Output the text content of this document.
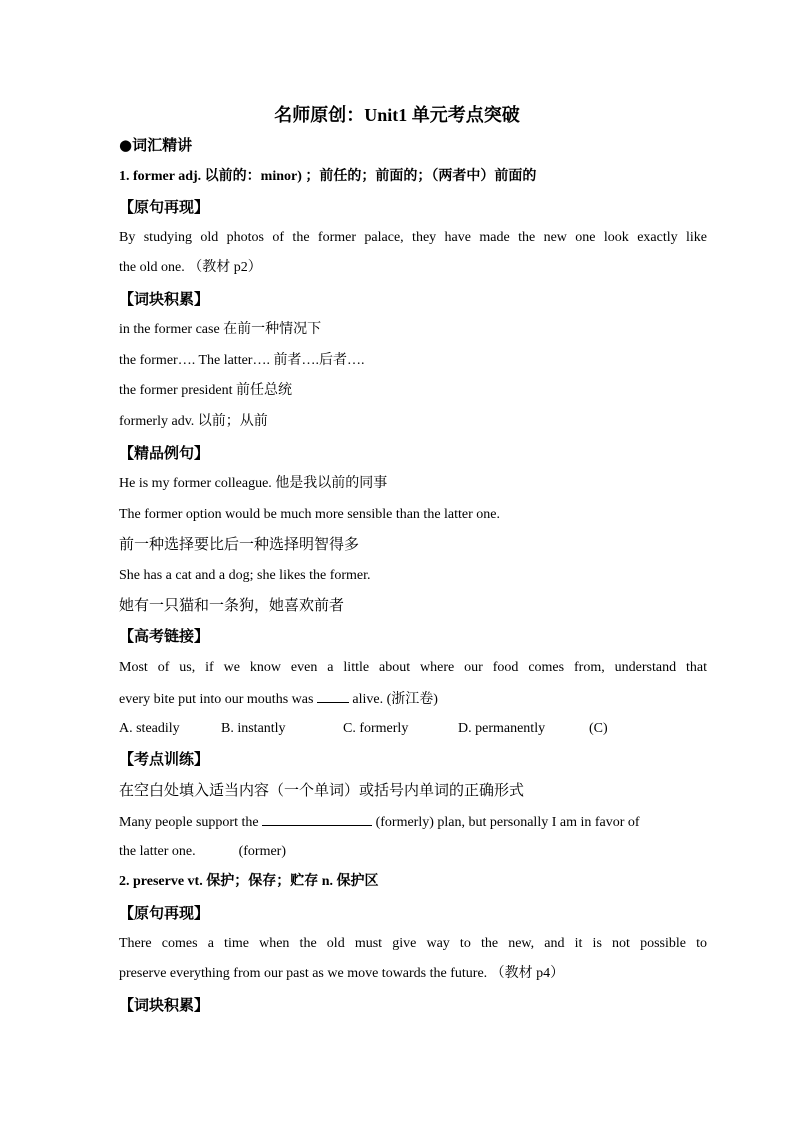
名师原创：Unit1 单元考点突破
●词汇精讲
1. former adj. 以前的：minor) ；前任的；前面的；（两者中）前面的
【原句再现】
By studying old photos of the former palace, they have made the new one look exactly like
the old one. （教材 p2）
【词块积累】
in the former case 在前一种情况下
the former…. The latter…. 前者….后者….
the former president 前任总统
formerly adv. 以前；从前
【精品例句】
He is my former colleague. 他是我以前的同事
The former option would be much more sensible than the latter one.
前一种选择要比后一种选择明智得多
She has a cat and a dog; she likes the former.
她有一只猫和一条狗，她喜欢前者
【高考链接】
Most of us, if we know even a little about where our food comes from, understand that
every bite put into our mouths was	alive. (浙江卷)
A. steadily	B. instantly	C. formerly	D. permanently	(C)
【考点训练】
在空白处填入适当内容（一个单词）或括号内单词的正确形式
Many people support the	(formerly) plan, but personally I am in favor of
the latter one.	(former)
2. preserve vt. 保护；保存；贮存 n. 保护区
【原句再现】
There comes a time when the old must give way to the new, and it is not possible to
preserve everything from our past as we move towards the future. （教材 p4）
【词块积累】
